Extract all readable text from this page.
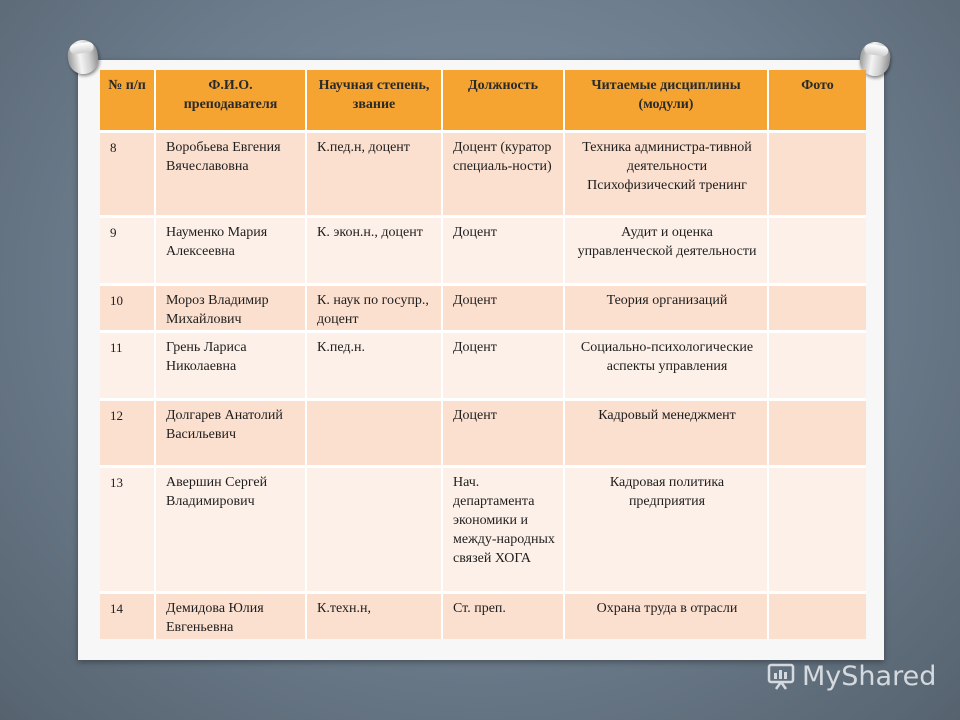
№ п/п	Ф.И.О. преподавателя	Научная степень, звание	Должность	Читаемые дисциплины (модули)	Фото
8	Воробьева Евгения Вячеславовна	К.пед.н, доцент	Доцент (куратор специаль-ности)	Техника администра-тивной деятельности Психофизический тренинг	
9	Науменко Мария Алексеевна	К. экон.н., доцент	Доцент	Аудит и оценка управленческой деятельности	
10	Мороз Владимир Михайлович	К. наук по госупр., доцент	Доцент	Теория организаций	
11	Грень Лариса Николаевна	К.пед.н.	Доцент	Социально-психологические аспекты управления	
12	Долгарев Анатолий Васильевич		Доцент	Кадровый менеджмент	
13	Авершин Сергей Владимирович		Нач. департамента экономики и между-народных связей ХОГА	Кадровая политика предприятия	
14	Демидова Юлия Евгеньевна	К.техн.н,	Ст. преп.	Охрана труда в отрасли	
MyShared
